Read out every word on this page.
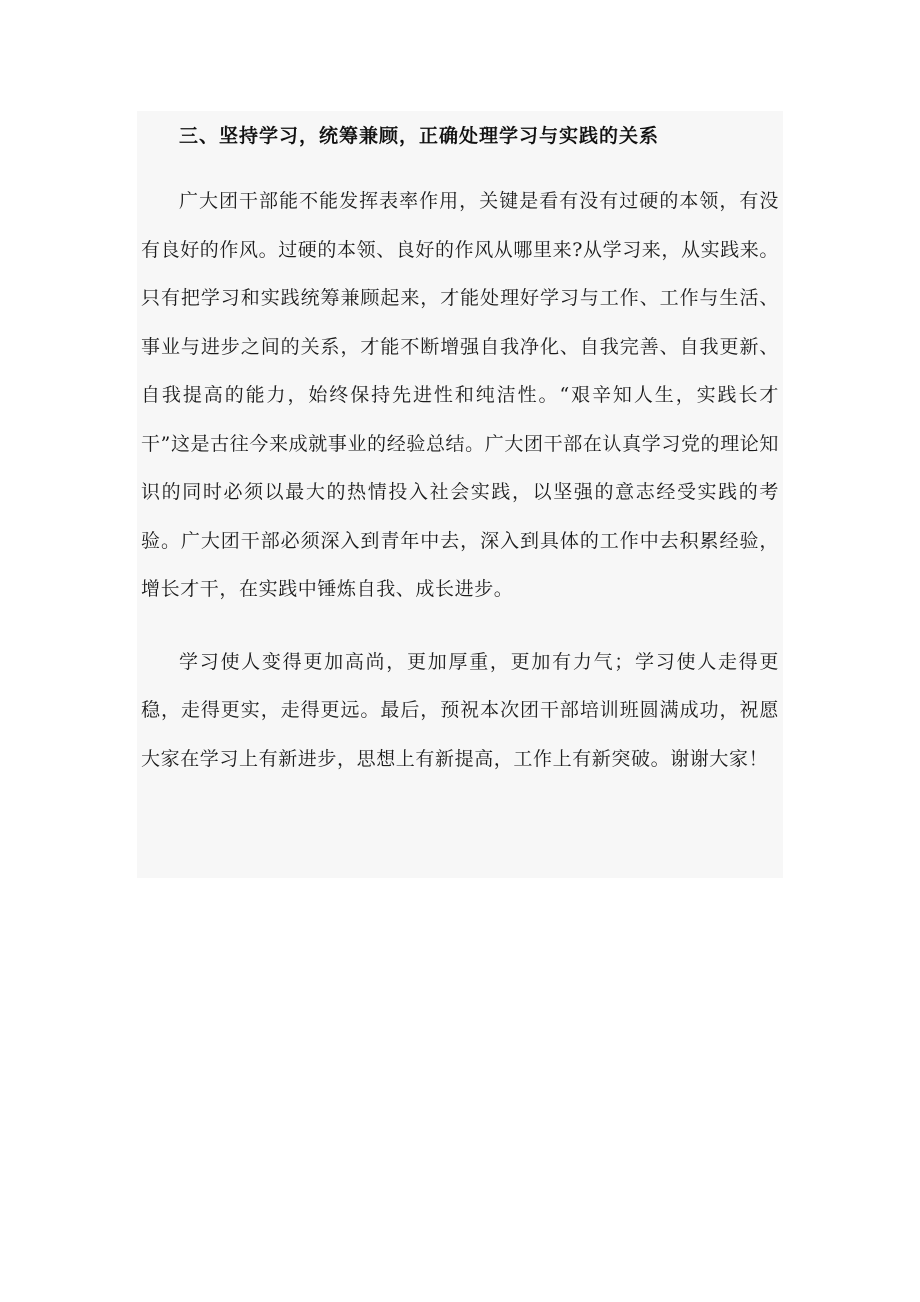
三、坚持学习，统筹兼顾，正确处理学习与实践的关系

广大团干部能不能发挥表率作用，关键是看有没有过硬的本领，有没有良好的作风。过硬的本领、良好的作风从哪里来?从学习来，从实践来。只有把学习和实践统筹兼顾起来，才能处理好学习与工作、工作与生活、事业与进步之间的关系，才能不断增强自我净化、自我完善、自我更新、自我提高的能力，始终保持先进性和纯洁性。“艰辛知人生，实践长才干”这是古往今来成就事业的经验总结。广大团干部在认真学习党的理论知识的同时必须以最大的热情投入社会实践，以坚强的意志经受实践的考验。广大团干部必须深入到青年中去，深入到具体的工作中去积累经验，增长才干，在实践中锤炼自我、成长进步。

学习使人变得更加高尚，更加厚重，更加有力气；学习使人走得更稳，走得更实，走得更远。最后，预祝本次团干部培训班圆满成功，祝愿大家在学习上有新进步，思想上有新提高，工作上有新突破。谢谢大家！
